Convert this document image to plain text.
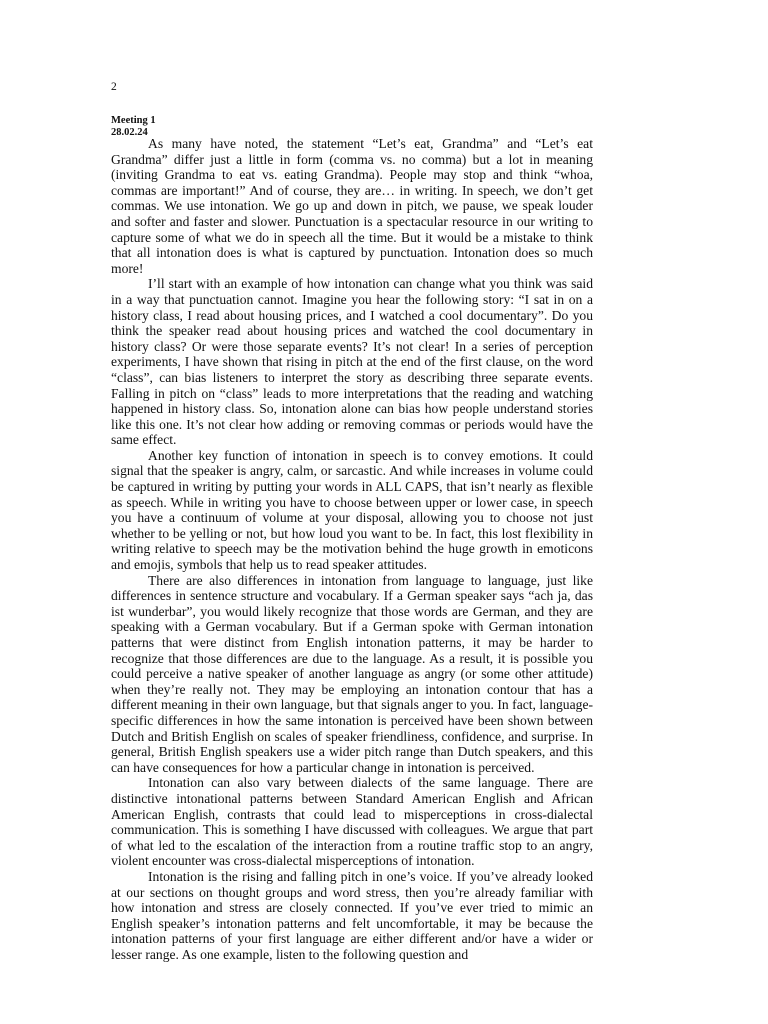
2
Meeting 1
28.02.24

As many have noted, the statement “Let’s eat, Grandma” and “Let’s eat Grandma” differ just a little in form (comma vs. no comma) but a lot in meaning (inviting Grandma to eat vs. eating Grandma). People may stop and think “whoa, commas are important!” And of course, they are… in writing. In speech, we don’t get commas. We use intonation. We go up and down in pitch, we pause, we speak louder and softer and faster and slower. Punctuation is a spectacular resource in our writing to capture some of what we do in speech all the time. But it would be a mistake to think that all intonation does is what is captured by punctuation. Intonation does so much more!

I’ll start with an example of how intonation can change what you think was said in a way that punctuation cannot. Imagine you hear the following story: “I sat in on a history class, I read about housing prices, and I watched a cool documentary”. Do you think the speaker read about housing prices and watched the cool documentary in history class? Or were those separate events? It’s not clear! In a series of perception experiments, I have shown that rising in pitch at the end of the first clause, on the word “class”, can bias listeners to interpret the story as describing three separate events. Falling in pitch on “class” leads to more interpretations that the reading and watching happened in history class. So, intonation alone can bias how people understand stories like this one. It’s not clear how adding or removing commas or periods would have the same effect.

Another key function of intonation in speech is to convey emotions. It could signal that the speaker is angry, calm, or sarcastic. And while increases in volume could be captured in writing by putting your words in ALL CAPS, that isn’t nearly as flexible as speech. While in writing you have to choose between upper or lower case, in speech you have a continuum of volume at your disposal, allowing you to choose not just whether to be yelling or not, but how loud you want to be. In fact, this lost flexibility in writing relative to speech may be the motivation behind the huge growth in emoticons and emojis, symbols that help us to read speaker attitudes.

There are also differences in intonation from language to language, just like differences in sentence structure and vocabulary. If a German speaker says “ach ja, das ist wunderbar”, you would likely recognize that those words are German, and they are speaking with a German vocabulary. But if a German spoke with German intonation patterns that were distinct from English intonation patterns, it may be harder to recognize that those differences are due to the language. As a result, it is possible you could perceive a native speaker of another language as angry (or some other attitude) when they’re really not. They may be employing an intonation contour that has a different meaning in their own language, but that signals anger to you. In fact, language-specific differences in how the same intonation is perceived have been shown between Dutch and British English on scales of speaker friendliness, confidence, and surprise. In general, British English speakers use a wider pitch range than Dutch speakers, and this can have consequences for how a particular change in intonation is perceived.

Intonation can also vary between dialects of the same language. There are distinctive intonational patterns between Standard American English and African American English, contrasts that could lead to misperceptions in cross-dialectal communication. This is something I have discussed with colleagues. We argue that part of what led to the escalation of the interaction from a routine traffic stop to an angry, violent encounter was cross-dialectal misperceptions of intonation.

Intonation is the rising and falling pitch in one’s voice. If you’ve already looked at our sections on thought groups and word stress, then you’re already familiar with how intonation and stress are closely connected. If you’ve ever tried to mimic an English speaker’s intonation patterns and felt uncomfortable, it may be because the intonation patterns of your first language are either different and/or have a wider or lesser range. As one example, listen to the following question and
